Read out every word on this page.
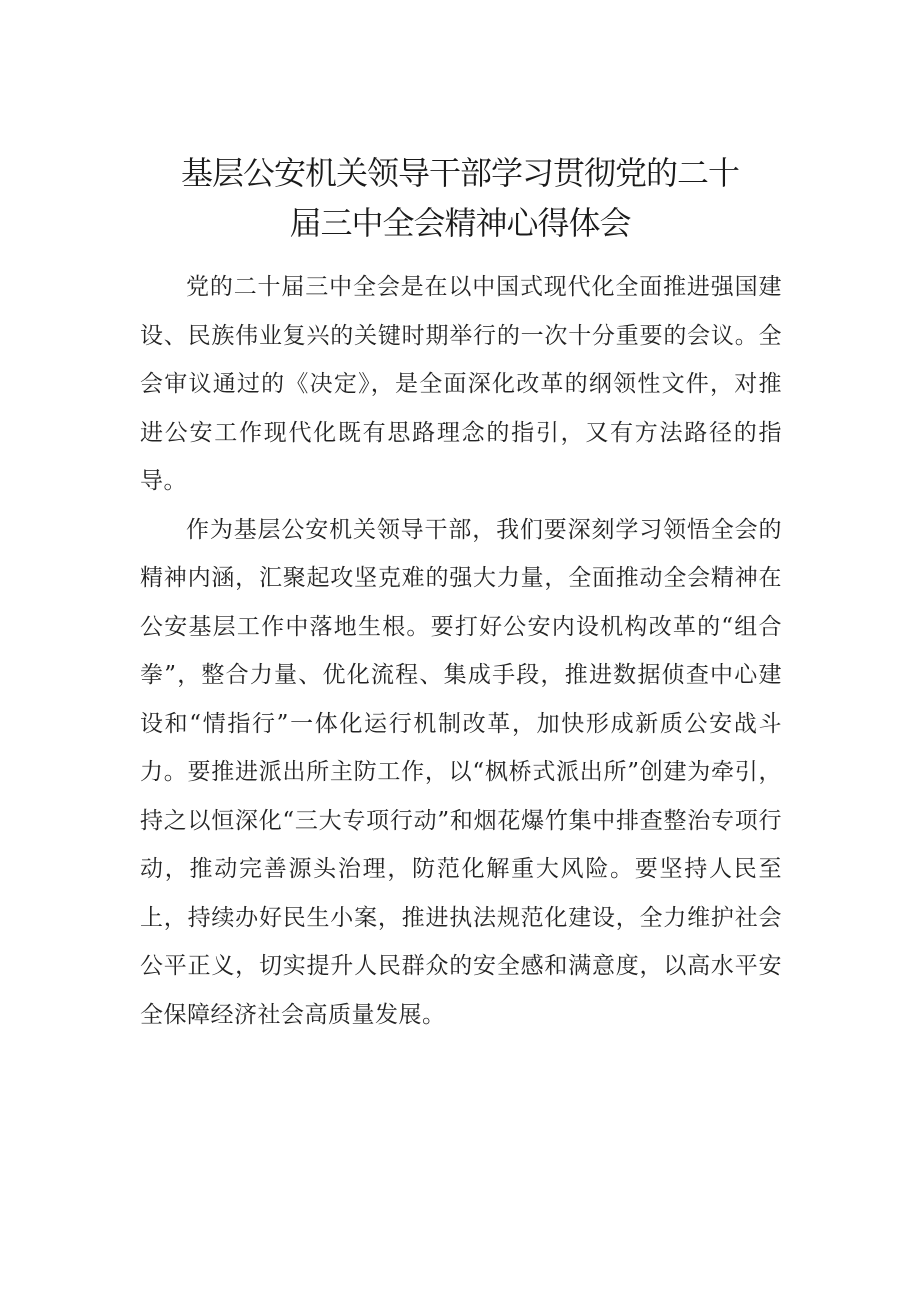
基层公安机关领导干部学习贯彻党的二十
届三中全会精神心得体会

党的二十届三中全会是在以中国式现代化全面推进强国建设、民族伟业复兴的关键时期举行的一次十分重要的会议。全会审议通过的《决定》，是全面深化改革的纲领性文件，对推进公安工作现代化既有思路理念的指引，又有方法路径的指导。

作为基层公安机关领导干部，我们要深刻学习领悟全会的精神内涵，汇聚起攻坚克难的强大力量，全面推动全会精神在公安基层工作中落地生根。要打好公安内设机构改革的“组合拳”，整合力量、优化流程、集成手段，推进数据侦查中心建设和“情指行”一体化运行机制改革，加快形成新质公安战斗力。要推进派出所主防工作，以“枫桥式派出所”创建为牵引，持之以恒深化“三大专项行动”和烟花爆竹集中排查整治专项行动，推动完善源头治理，防范化解重大风险。要坚持人民至上，持续办好民生小案，推进执法规范化建设，全力维护社会公平正义，切实提升人民群众的安全感和满意度，以高水平安全保障经济社会高质量发展。
